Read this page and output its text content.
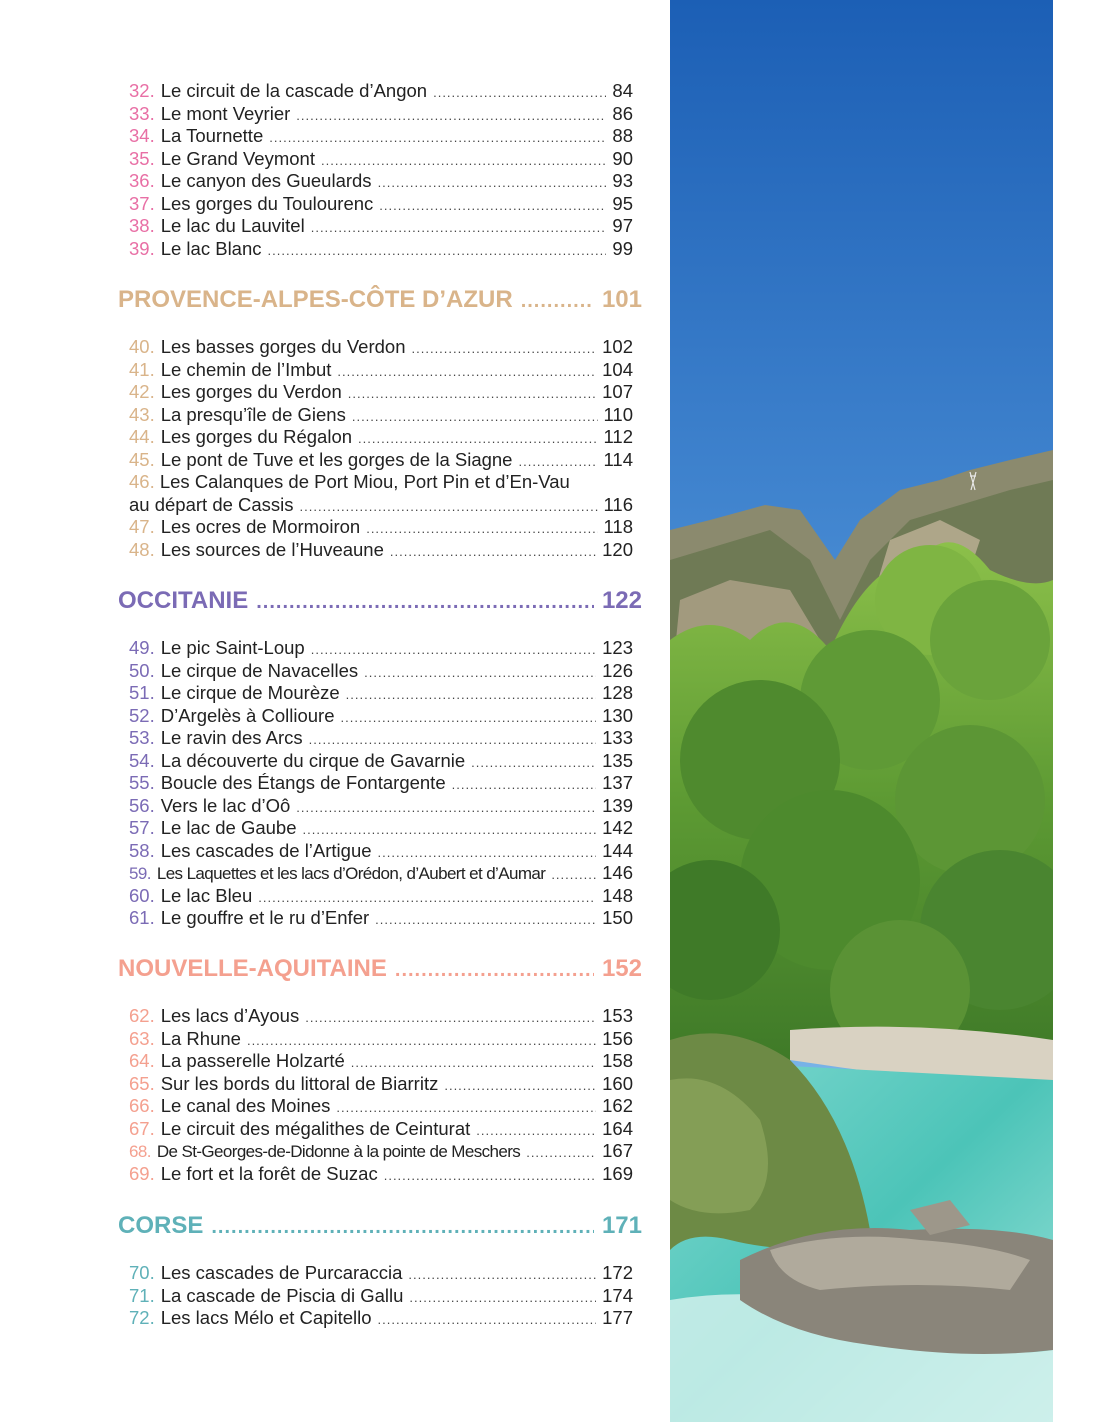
32. Le circuit de la cascade d’Angon .....	84
33. Le mont Veyrier .....	86
34. La Tournette .....	88
35. Le Grand Veymont .....	90
36. Le canyon des Gueulards .....	93
37. Les gorges du Toulourenc .....	95
38. Le lac du Lauvitel .....	97
39. Le lac Blanc .....	99
PROVENCE-ALPES-CÔTE D’AZUR .....	101
40. Les basses gorges du Verdon .....	102
41. Le chemin de l’Imbut .....	104
42. Les gorges du Verdon .....	107
43. La presqu’île de Giens .....	110
44. Les gorges du Régalon .....	112
45. Le pont de Tuve et les gorges de la Siagne .....	114
46. Les Calanques de Port Miou, Port Pin et d’En-Vau
au départ de Cassis .....	116
47. Les ocres de Mormoiron .....	118
48. Les sources de l’Huveaune .....	120
OCCITANIE .....	122
49. Le pic Saint-Loup .....	123
50. Le cirque de Navacelles .....	126
51. Le cirque de Mourèze .....	128
52. D’Argelès à Collioure .....	130
53. Le ravin des Arcs .....	133
54. La découverte du cirque de Gavarnie .....	135
55. Boucle des Étangs de Fontargente .....	137
56. Vers le lac d’Oô .....	139
57. Le lac de Gaube .....	142
58. Les cascades de l’Artigue .....	144
59. Les Laquettes et les lacs d’Orédon, d’Aubert et d’Aumar .....	146
60. Le lac Bleu .....	148
61. Le gouffre et le ru d’Enfer .....	150
NOUVELLE-AQUITAINE .....	152
62. Les lacs d’Ayous .....	153
63. La Rhune .....	156
64. La passerelle Holzarté .....	158
65. Sur les bords du littoral de Biarritz .....	160
66. Le canal des Moines .....	162
67. Le circuit des mégalithes de Ceinturat .....	164
68. De St-Georges-de-Didonne à la pointe de Meschers .....	167
69. Le fort et la forêt de Suzac .....	169
CORSE .....	171
70. Les cascades de Purcaraccia .....	172
71. La cascade de Piscia di Gallu .....	174
72. Les lacs Mélo et Capitello .....	177
